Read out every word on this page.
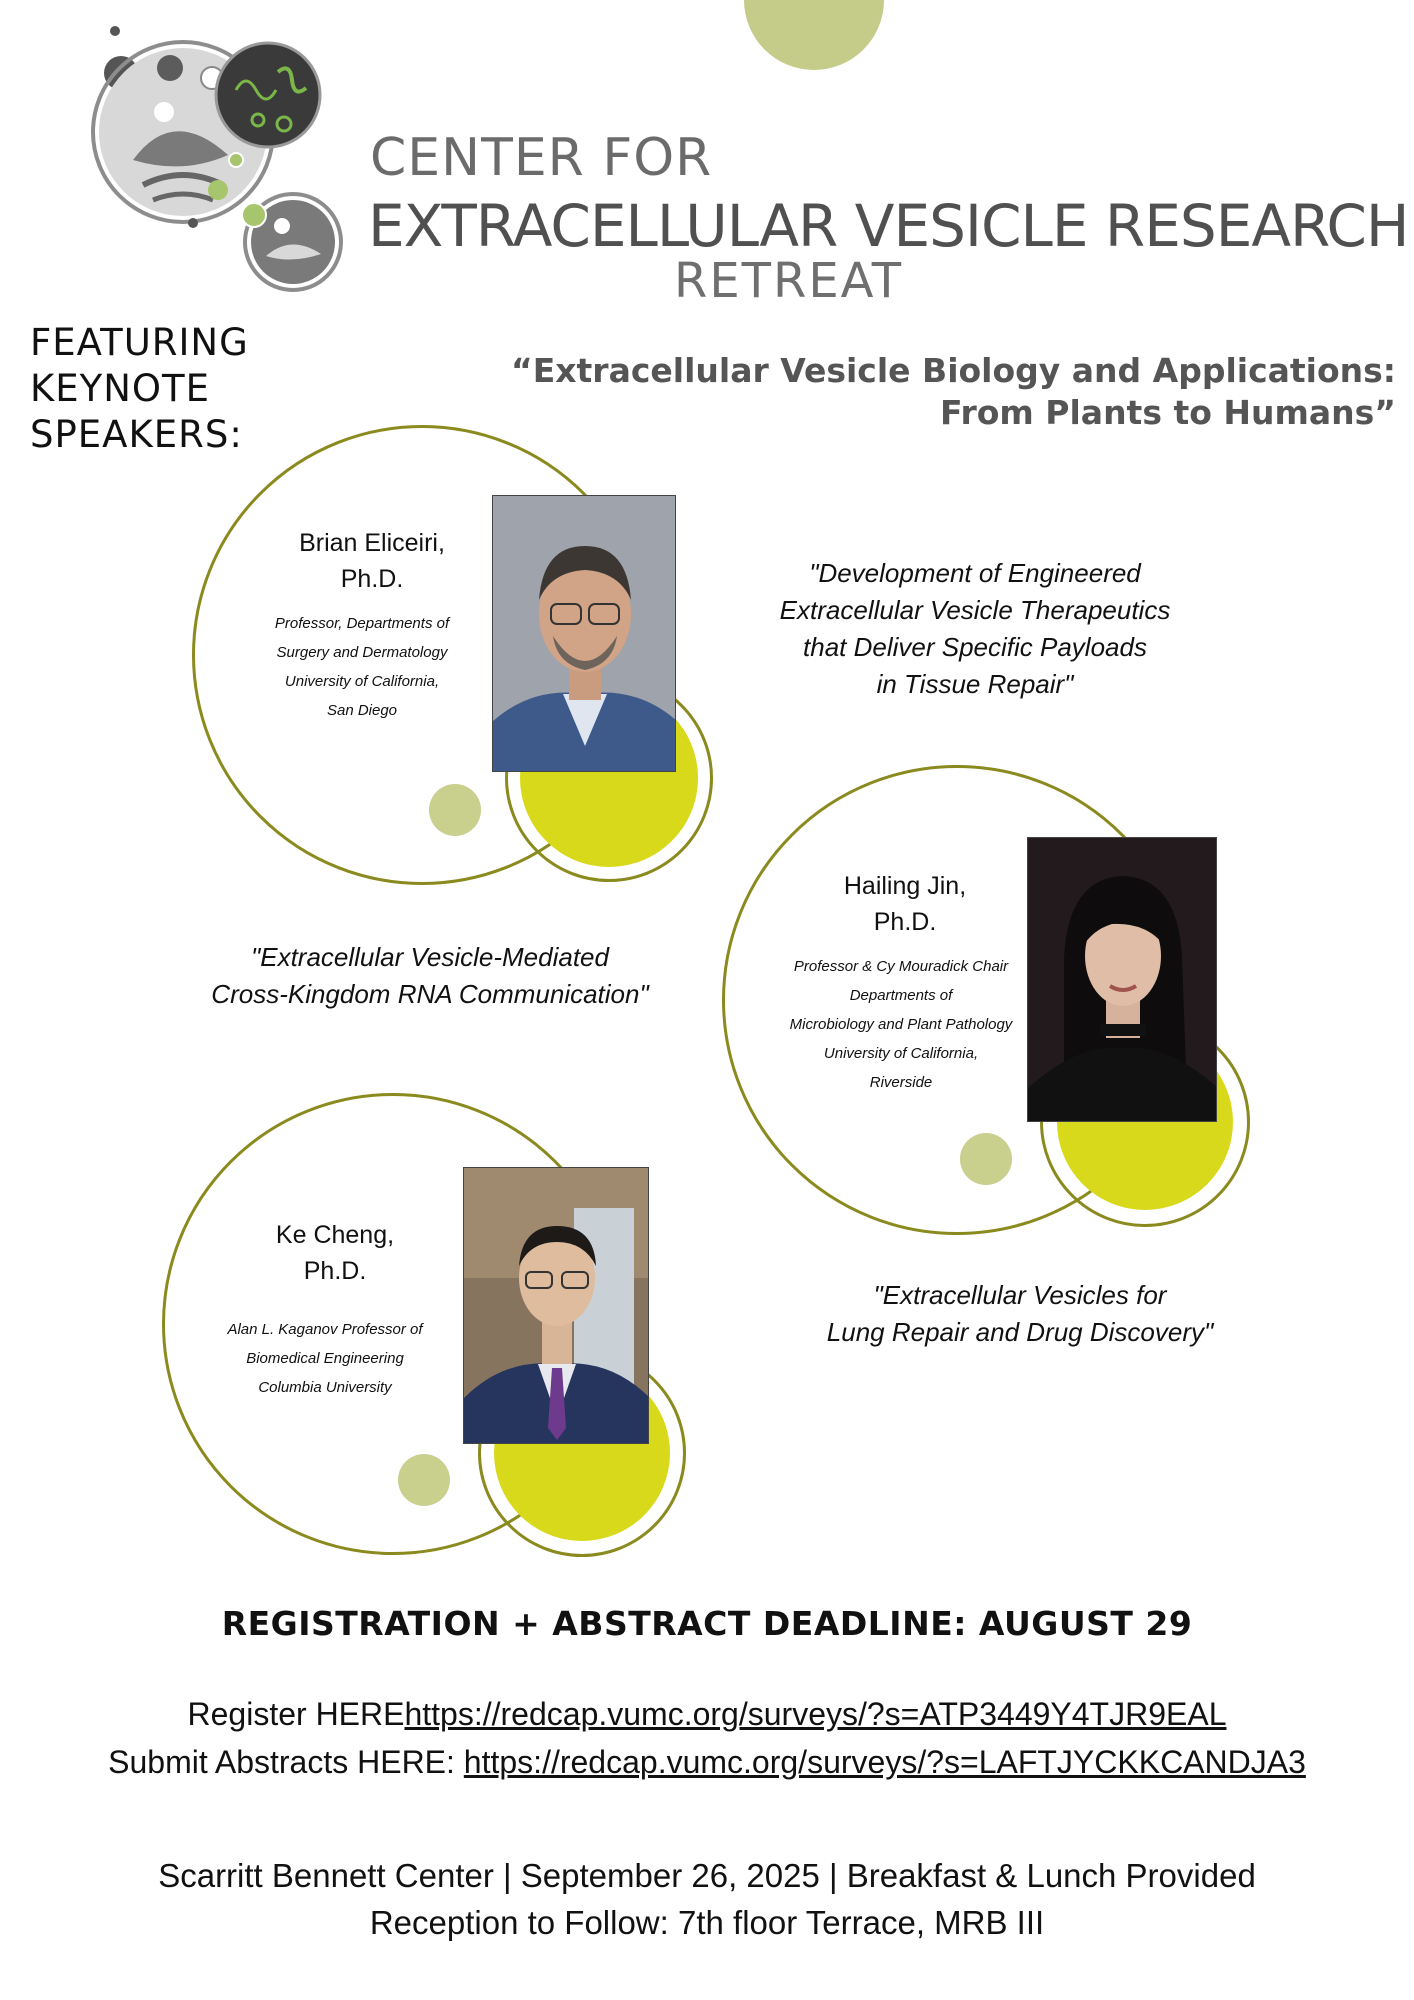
CENTER FOR
EXTRACELLULAR VESICLE RESEARCH
RETREAT
FEATURING
KEYNOTE
SPEAKERS:
“Extracellular Vesicle Biology and Applications:
From Plants to Humans”
Brian Eliceiri,
Ph.D.
Professor, Departments of
Surgery and Dermatology
University of California,
San Diego
"Development of Engineered
Extracellular Vesicle Therapeutics
that Deliver Specific Payloads
in Tissue Repair"
Hailing Jin,
Ph.D.
Professor & Cy Mouradick Chair
Departments of
Microbiology and Plant Pathology
University of California,
Riverside
"Extracellular Vesicle-Mediated
Cross-Kingdom RNA Communication"
Ke Cheng,
Ph.D.
Alan L. Kaganov Professor of
Biomedical Engineering
Columbia University
"Extracellular Vesicles for
Lung Repair and Drug Discovery"
REGISTRATION + ABSTRACT DEADLINE: AUGUST 29
Register HEREhttps://redcap.vumc.org/surveys/?s=ATP3449Y4TJR9EAL
Submit Abstracts HERE: https://redcap.vumc.org/surveys/?s=LAFTJYCKKCANDJA3
Scarritt Bennett Center | September 26, 2025 | Breakfast & Lunch Provided
Reception to Follow: 7th floor Terrace, MRB III
